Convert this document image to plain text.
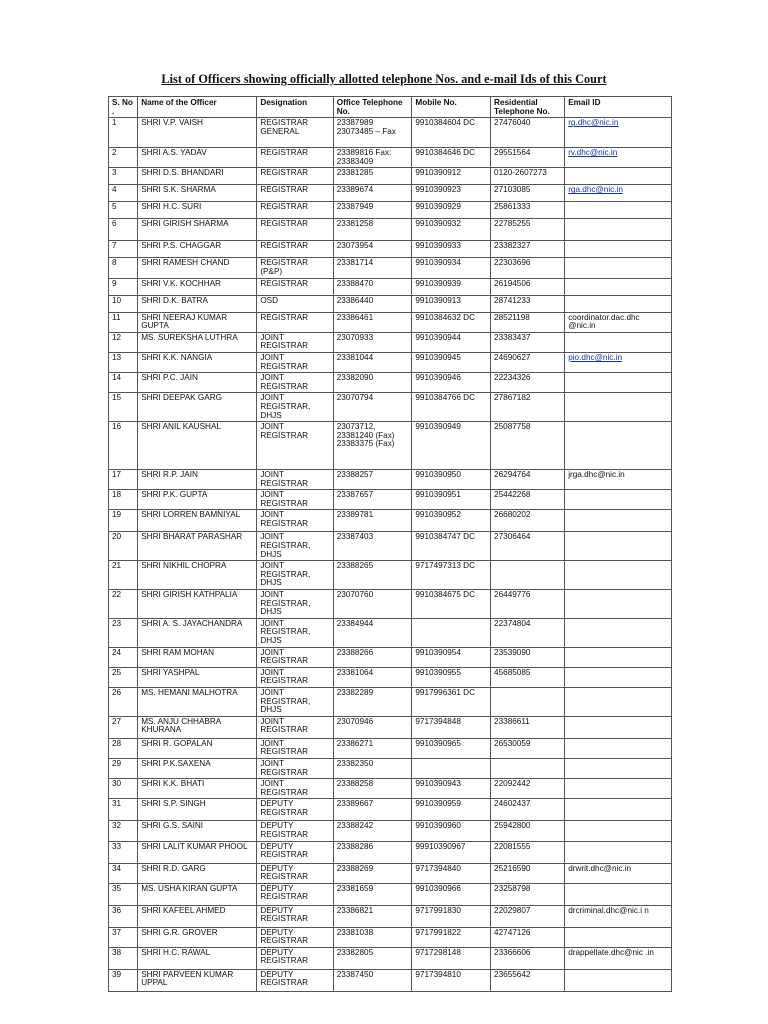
List of Officers showing officially allotted telephone Nos. and e-mail Ids of this Court
S. No .	Name of the Officer	Designation	Office Telephone No.	Mobile No.	Residential Telephone No.	Email ID
1	SHRI V.P. VAISH	REGISTRAR GENERAL	23387989 23073485 – Fax	9910384604 DC	27476040	rg.dhc@nic.in
2	SHRI A.S. YADAV	REGISTRAR	23389816 Fax: 23383409	9910384646 DC	29551564	rv.dhc@nic.in
3	SHRI D.S. BHANDARI	REGISTRAR	23381285	9910390912	0120-2607273	
4	SHRI S.K. SHARMA	REGISTRAR	23389674	9910390923	27103085	rga.dhc@nic.in
5	SHRI H.C. SURI	REGISTRAR	23387949	9910390929	25861333	
6	SHRI GIRISH SHARMA	REGISTRAR	23381258	9910390932	22785255	
7	SHRI P.S. CHAGGAR	REGISTRAR	23073954	9910390933	23382327	
8	SHRI RAMESH CHAND	REGISTRAR (P&P)	23381714	9910390934	22303696	
9	SHRI V.K. KOCHHAR	REGISTRAR	23388470	9910390939	26194506	
10	SHRI D.K. BATRA	OSD	23386440	9910390913	28741233	
11	SHRI NEERAJ KUMAR GUPTA	REGISTRAR	23386461	9910384632 DC	28521198	coordinator.dac.dhc @nic.in
12	MS. SUREKSHA LUTHRA	JOINT REGISTRAR	23070933	9910390944	23383437	
13	SHRI K.K. NANGIA	JOINT REGISTRAR	23381044	9910390945	24690627	pio.dhc@nic.in
14	SHRI P.C. JAIN	JOINT REGISTRAR	23382090	9910390946	22234326	
15	SHRI DEEPAK GARG	JOINT REGISTRAR, DHJS	23070794	9910384766 DC	27867182	
16	SHRI ANIL KAUSHAL	JOINT REGISTRAR	23073712, 23381240 (Fax) 23383375 (Fax)	9910390949	25087758	
17	SHRI R.P. JAIN	JOINT REGISTRAR	23388257	9910390950	26294764	jrga.dhc@nic.in
18	SHRI P.K. GUPTA	JOINT REGISTRAR	23387657	9910390951	25442268	
19	SHRI LORREN BAMNIYAL	JOINT REGISTRAR	23389781	9910390952	26680202	
20	SHRI BHARAT PARASHAR	JOINT REGISTRAR, DHJS	23387403	9910384747 DC	27306464	
21	SHRI NIKHIL CHOPRA	JOINT REGISTRAR, DHJS	23388265	9717497313 DC		
22	SHRI GIRISH KATHPALIA	JOINT REGISTRAR, DHJS	23070760	9910384675 DC	26449776	
23	SHRI A. S. JAYACHANDRA	JOINT REGISTRAR, DHJS	23384944		22374804	
24	SHRI RAM MOHAN	JOINT REGISTRAR	23388266	9910390954	23539090	
25	SHRI YASHPAL	JOINT REGISTRAR	23381064	9910390955	45685085	
26	MS. HEMANI MALHOTRA	JOINT REGISTRAR, DHJS	23382289	9917996361 DC		
27	MS. ANJU CHHABRA KHURANA	JOINT REGISTRAR	23070946	9717394848	23386611	
28	SHRI R. GOPALAN	JOINT REGISTRAR	23386271	9910390965	26530059	
29	SHRI P.K.SAXENA	JOINT REGISTRAR	23382350			
30	SHRI K.K. BHATI	JOINT REGISTRAR	23388258	9910390943	22092442	
31	SHRI S.P. SINGH	DEPUTY REGISTRAR	23389667	9910390959	24602437	
32	SHRI G.S. SAINI	DEPUTY REGISTRAR	23388242	9910390960	25942800	
33	SHRI LALIT KUMAR PHOOL	DEPUTY REGISTRAR	23388286	99910390967	22081555	
34	SHRI R.D. GARG	DEPUTY REGISTRAR	23388269	9717394840	25216590	drwrit.dhc@nic.in
35	MS. USHA KIRAN GUPTA	DEPUTY REGISTRAR	23381659	9910390966	23258798	
36	SHRI KAFEEL AHMED	DEPUTY REGISTRAR	23386821	9717991830	22029807	drcriminal.dhc@nic.i n
37	SHRI G.R. GROVER	DEPUTY REGISTRAR	23381038	9717991822	42747126	
38	SHRI H.C. RAWAL	DEPUTY REGISTRAR	23382805	9717298148	23366606	drappellate.dhc@nic .in
39	SHRI PARVEEN KUMAR UPPAL	DEPUTY REGISTRAR	23387450	9717394810	23655642	
